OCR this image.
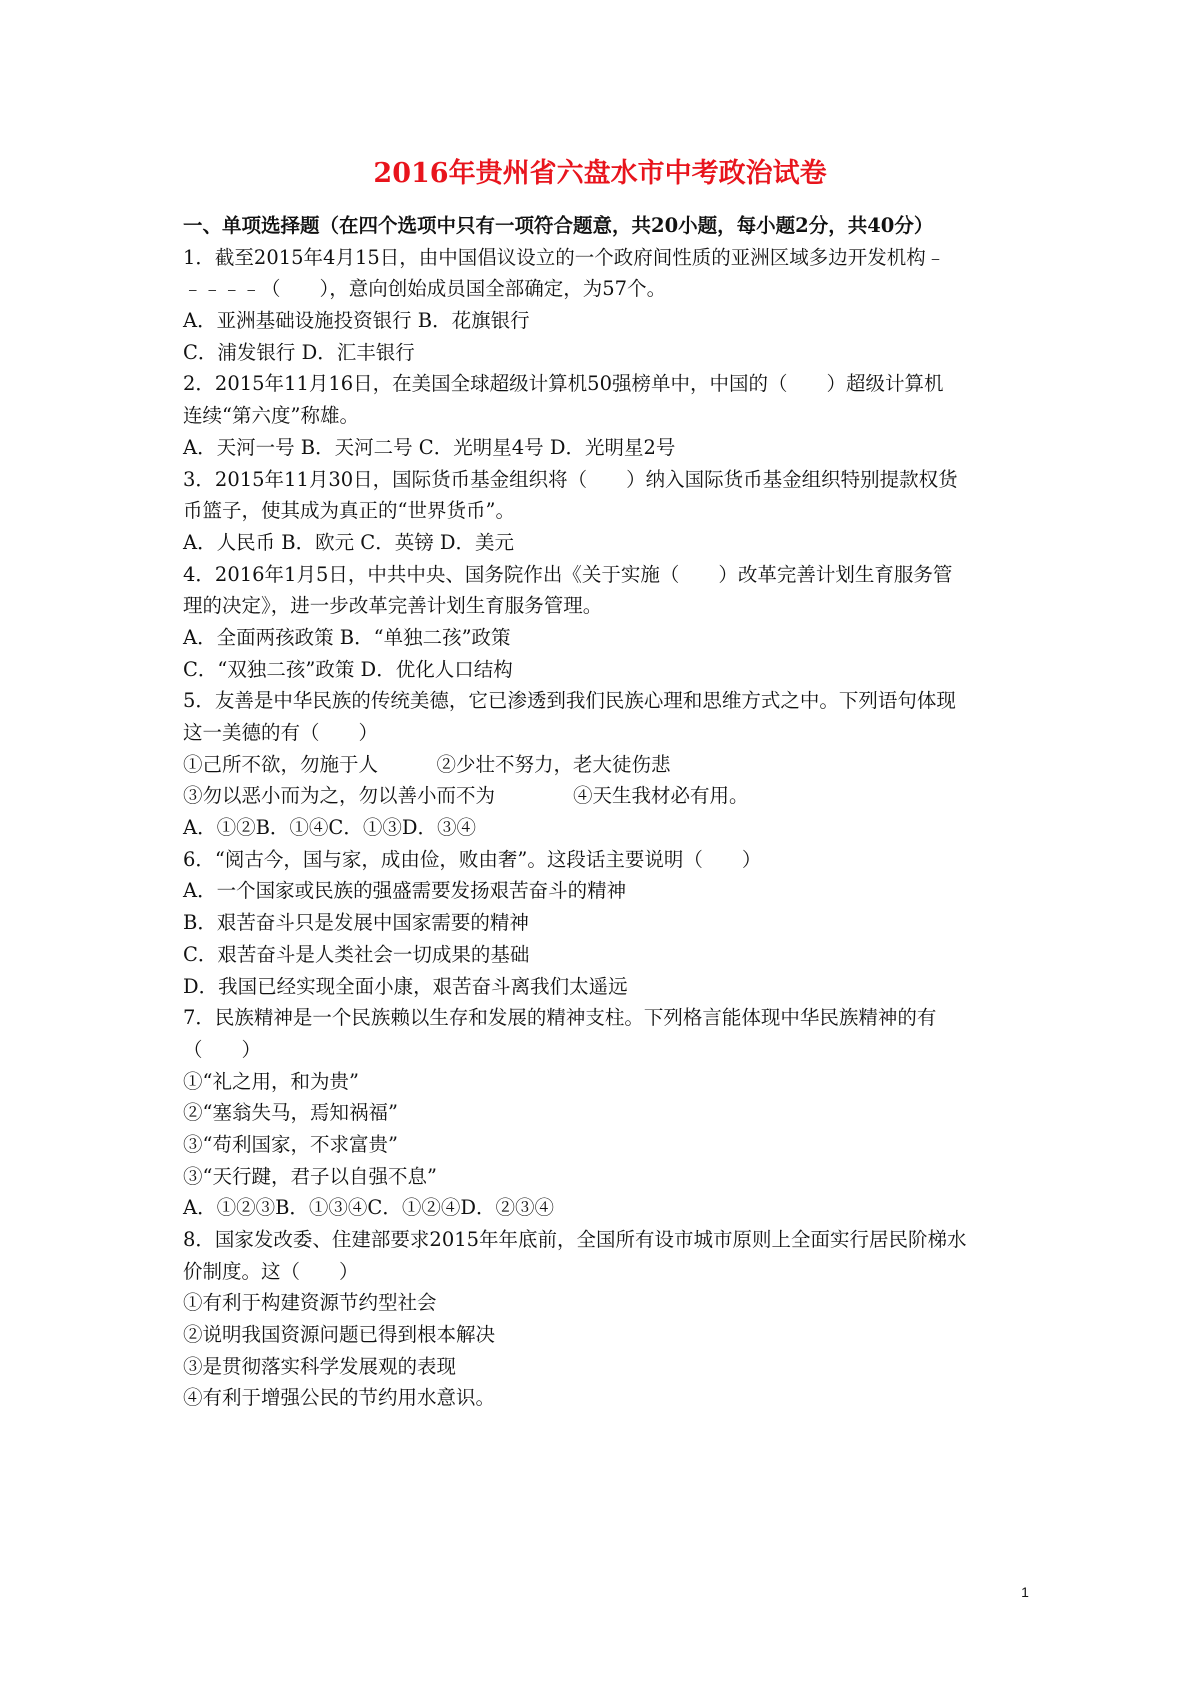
2016年贵州省六盘水市中考政治试卷
一、单项选择题（在四个选项中只有一项符合题意，共20小题，每小题2分，共40分）
1．截至2015年4月15日，由中国倡议设立的一个政府间性质的亚洲区域多边开发机构﹣
﹣﹣﹣﹣（　　），意向创始成员国全部确定，为57个。
A．亚洲基础设施投资银行 B．花旗银行
C．浦发银行 D．汇丰银行
2．2015年11月16日，在美国全球超级计算机50强榜单中，中国的（　　）超级计算机
连续“第六度”称雄。
A．天河一号 B．天河二号 C．光明星4号 D．光明星2号
3．2015年11月30日，国际货币基金组织将（　　）纳入国际货币基金组织特别提款权货
币篮子，使其成为真正的“世界货币”。
A．人民币 B．欧元 C．英镑 D．美元
4．2016年1月5日，中共中央、国务院作出《关于实施（　　）改革完善计划生育服务管
理的决定》，进一步改革完善计划生育服务管理。
A．全面两孩政策 B．“单独二孩”政策
C．“双独二孩”政策 D．优化人口结构
5．友善是中华民族的传统美德，它已渗透到我们民族心理和思维方式之中。下列语句体现
这一美德的有（　　）
①己所不欲，勿施于人　　　②少壮不努力，老大徒伤悲
③勿以恶小而为之，勿以善小而不为　　　　④天生我材必有用。
A．①②B．①④C．①③D．③④
6．“阅古今，国与家，成由俭，败由奢”。这段话主要说明（　　）
A．一个国家或民族的强盛需要发扬艰苦奋斗的精神
B．艰苦奋斗只是发展中国家需要的精神
C．艰苦奋斗是人类社会一切成果的基础
D．我国已经实现全面小康，艰苦奋斗离我们太遥远
7．民族精神是一个民族赖以生存和发展的精神支柱。下列格言能体现中华民族精神的有
（　　）
①“礼之用，和为贵”
②“塞翁失马，焉知祸福”
③“苟利国家，不求富贵”
③“天行踺，君子以自强不息”
A．①②③B．①③④C．①②④D．②③④
8．国家发改委、住建部要求2015年年底前，全国所有设市城市原则上全面实行居民阶梯水
价制度。这（　　）
①有利于构建资源节约型社会
②说明我国资源问题已得到根本解决
③是贯彻落实科学发展观的表现
④有利于增强公民的节约用水意识。
1
